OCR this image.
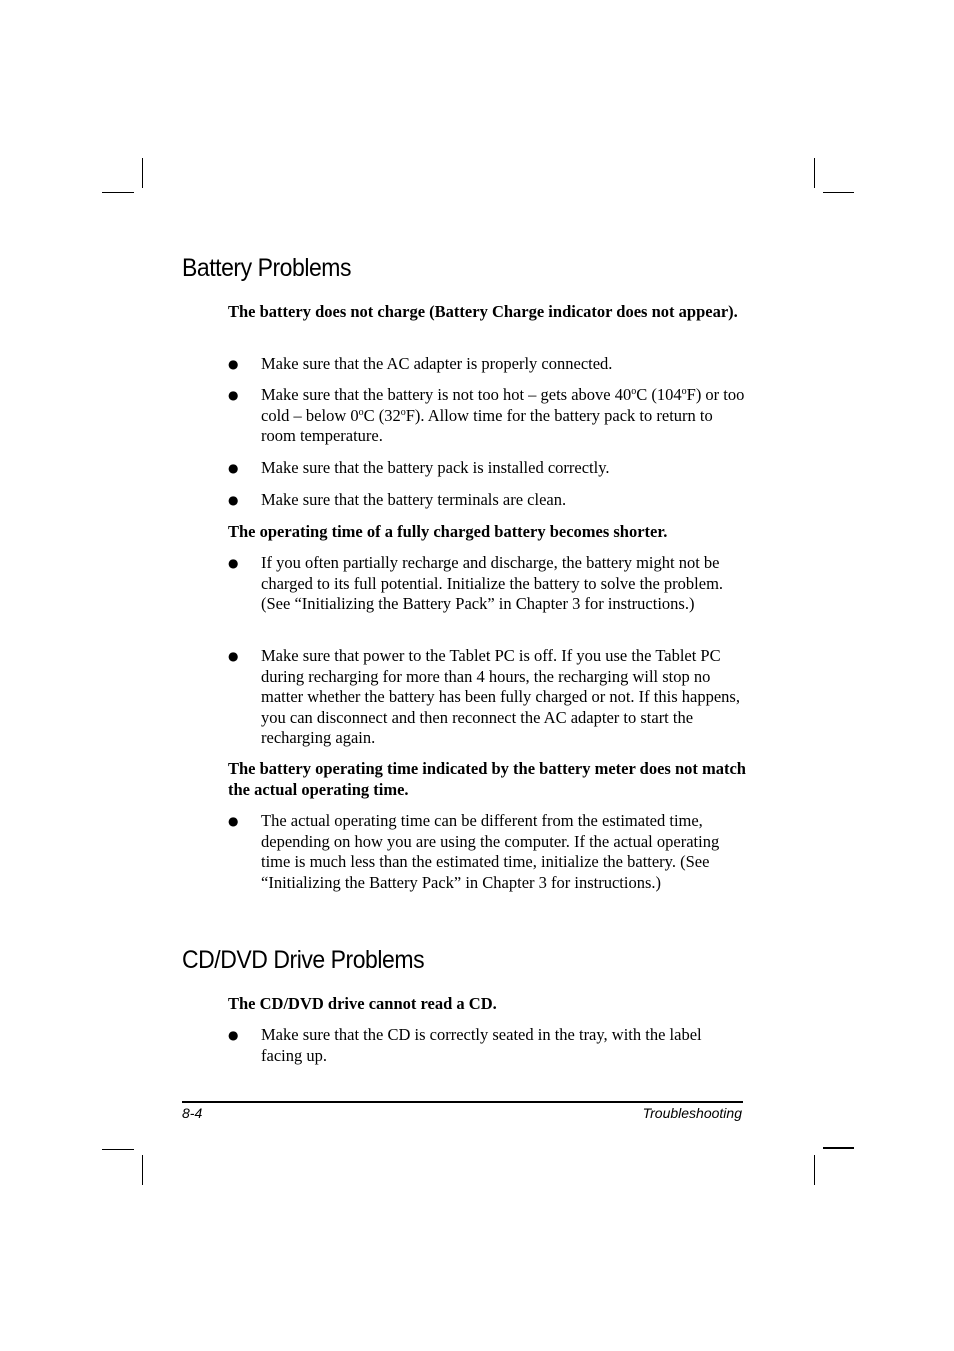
Battery Problems

The battery does not charge (Battery Charge indicator does not appear).

● Make sure that the AC adapter is properly connected.
● Make sure that the battery is not too hot – gets above 40$^o$C (104$^o$F) or too cold – below 0$^o$C (32$^o$F). Allow time for the battery pack to return to room temperature.
● Make sure that the battery pack is installed correctly.
● Make sure that the battery terminals are clean.

The operating time of a fully charged battery becomes shorter.

● If you often partially recharge and discharge, the battery might not be charged to its full potential. Initialize the battery to solve the problem. (See “Initializing the Battery Pack” in Chapter 3 for instructions.)
● Make sure that power to the Tablet PC is off. If you use the Tablet PC during recharging for more than 4 hours, the recharging will stop no matter whether the battery has been fully charged or not. If this happens, you can disconnect and then reconnect the AC adapter to start the recharging again.

The battery operating time indicated by the battery meter does not match the actual operating time.

● The actual operating time can be different from the estimated time, depending on how you are using the computer. If the actual operating time is much less than the estimated time, initialize the battery. (See “Initializing the Battery Pack” in Chapter 3 for instructions.)
CD/DVD Drive Problems

The CD/DVD drive cannot read a CD.

● Make sure that the CD is correctly seated in the tray, with the label facing up.
8-4	Troubleshooting
